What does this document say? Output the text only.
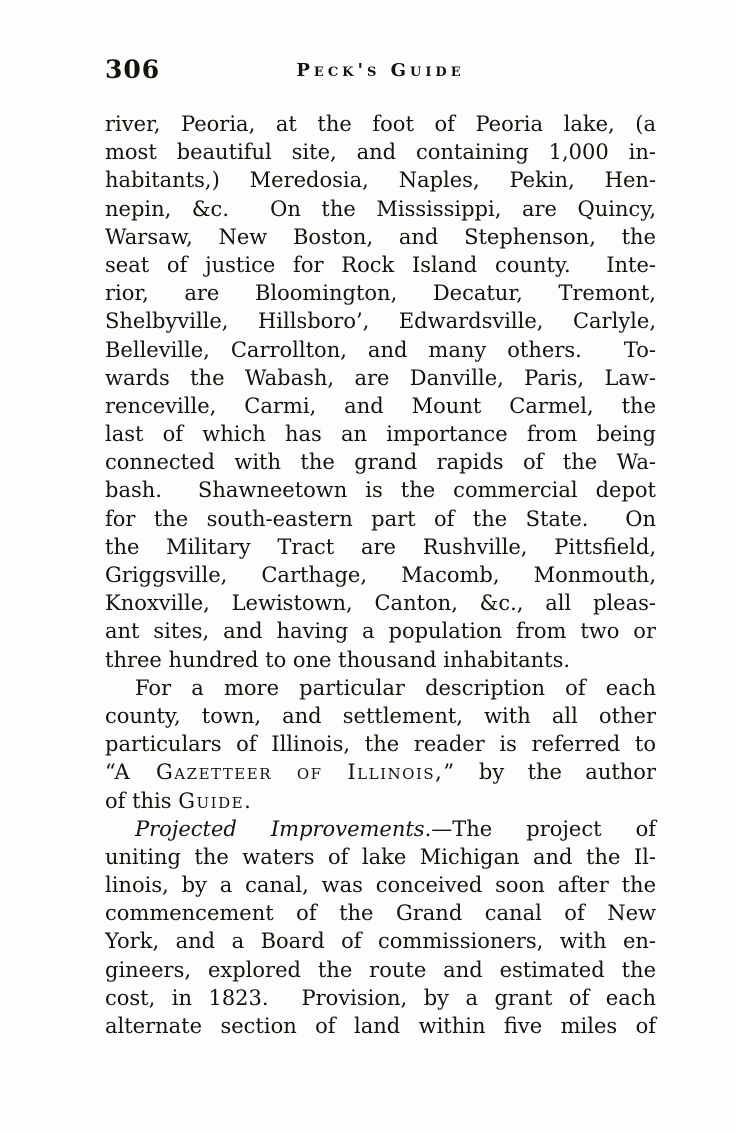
306	Peck's Guide
river, Peoria, at the foot of Peoria lake, (a
most beautiful site, and containing 1,000 in-
habitants,) Meredosia, Naples, Pekin, Hen-
nepin, &c.  On the Mississippi, are Quincy,
Warsaw, New Boston, and Stephenson, the
seat of justice for Rock Island county.  Inte-
rior, are Bloomington, Decatur, Tremont,
Shelbyville, Hillsboro’, Edwardsville, Carlyle,
Belleville, Carrollton, and many others.  To-
wards the Wabash, are Danville, Paris, Law-
renceville, Carmi, and Mount Carmel, the
last of which has an importance from being
connected with the grand rapids of the Wa-
bash.  Shawneetown is the commercial depot
for the south-eastern part of the State.  On
the Military Tract are Rushville, Pittsfield,
Griggsville, Carthage, Macomb, Monmouth,
Knoxville, Lewistown, Canton, &c., all pleas-
ant sites, and having a population from two or
three hundred to one thousand inhabitants.
For a more particular description of each
county, town, and settlement, with all other
particulars of Illinois, the reader is referred to
“A Gazetteer of Illinois,” by the author
of this Guide.
Projected Improvements.—The project of
uniting the waters of lake Michigan and the Il-
linois, by a canal, was conceived soon after the
commencement of the Grand canal of New
York, and a Board of commissioners, with en-
gineers, explored the route and estimated the
cost, in 1823.  Provision, by a grant of each
alternate section of land within five miles of
